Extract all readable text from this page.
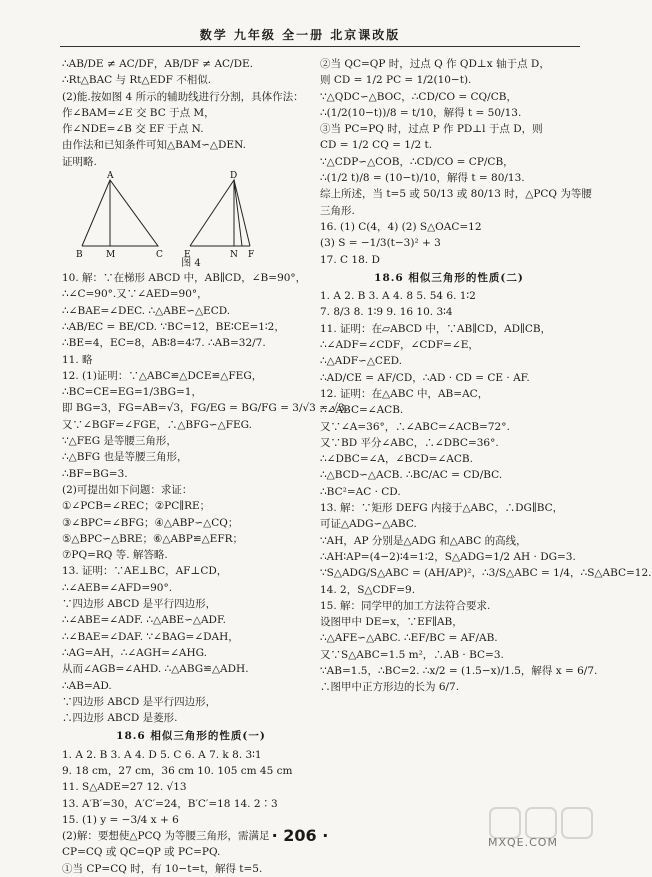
数学 九年级 全一册 北京课改版
∴AB/DE ≠ AC/DF，AB/DF ≠ AC/DE.
∴Rt△BAC 与 Rt△EDF 不相似.
(2)能.按如图 4 所示的辅助线进行分割，具体作法：
作∠BAM=∠E 交 BC 于点 M，
作∠NDE=∠B 交 EF 于点 N.
由作法和已知条件可知△BAM∽△DEN.
证明略.
A
B	M	C
D
E	N F
图 4
10. 解：∵在梯形 ABCD 中，AB∥CD，∠B=90°，
∴∠C=90°.又∵∠AED=90°，
∴∠BAE=∠DEC. ∴△ABE∽△ECD.
∴AB/EC = BE/CD. ∵BC=12，BE∶CE=1∶2，
∴BE=4，EC=8，AB∶8=4∶7. ∴AB=32/7.
11. 略
12. (1)证明：∵△ABC≌△DCE≌△FEG，
∴BC=CE=EG=1/3BG=1，
即 BG=3，FG=AB=√3，FG/EG = BG/FG = 3/√3 = √3.
又∵∠BGF=∠FGE，∴△BFG∽△FEG.
∵△FEG 是等腰三角形，
∴△BFG 也是等腰三角形，
∴BF=BG=3.
(2)可提出如下问题：求证：
①∠PCB=∠REC；②PC∥RE；
③∠BPC=∠BFG；④△ABP∽△CQ；
⑤△BPC∽△BRE；⑥△ABP≌△EFR；
⑦PQ=RQ 等. 解答略.
13. 证明：∵AE⊥BC，AF⊥CD，
∴∠AEB=∠AFD=90°.
∵四边形 ABCD 是平行四边形，
∴∠ABE=∠ADF. ∴△ABE∽△ADF.
∴∠BAE=∠DAF. ∵∠BAG=∠DAH，
∴AG=AH，∴∠AGH=∠AHG.
从而∠AGB=∠AHD. ∴△ABG≌△ADH.
∴AB=AD.
∵四边形 ABCD 是平行四边形，
∴四边形 ABCD 是菱形.
18.6 相似三角形的性质(一)
1. A 2. B 3. A 4. D 5. C 6. A 7. k 8. 3∶1
9. 18 cm，27 cm，36 cm 10. 105 cm 45 cm
11. S△ADE=27 12. √13
13. A′B′=30，A′C′=24，B′C′=18 14. 2∶3
15. (1) y = −3/4 x + 6
(2)解：要想使△PCQ 为等腰三角形，需满足
CP=CQ 或 QC=QP 或 PC=PQ.
①当 CP=CQ 时，有 10−t=t，解得 t=5.
②当 QC=QP 时，过点 Q 作 QD⊥x 轴于点 D，
则 CD = 1/2 PC = 1/2(10−t).
∵△QDC∽△BOC，∴CD/CO = CQ/CB，
∴(1/2(10−t))/8 = t/10，解得 t = 50/13.
③当 PC=PQ 时，过点 P 作 PD⊥l 于点 D，则
CD = 1/2 CQ = 1/2 t.
∵△CDP∽△COB，∴CD/CO = CP/CB，
∴(1/2 t)/8 = (10−t)/10，解得 t = 80/13.
综上所述，当 t=5 或 50/13 或 80/13 时，△PCQ 为等腰
三角形.
16. (1) C(4，4) (2) S△OAC=12
(3) S = −1/3(t−3)² + 3
17. C 18. D
18.6 相似三角形的性质(二)
1. A 2. B 3. A 4. 8 5. 54 6. 1∶2
7. 8/3 8. 1∶9 9. 16 10. 3∶4
11. 证明：在▱ABCD 中，∵AB∥CD，AD∥CB，
∴∠ADF=∠CDF，∠CDF=∠E，
∴△ADF∽△CED.
∴AD/CE = AF/CD，∴AD · CD = CE · AF.
12. 证明：在△ABC 中，AB=AC，
∴∠ABC=∠ACB.
又∵∠A=36°，∴∠ABC=∠ACB=72°.
又∵BD 平分∠ABC，∴∠DBC=36°.
∴∠DBC=∠A，∠BCD=∠ACB.
∴△BCD∽△ACB. ∴BC/AC = CD/BC.
∴BC²=AC · CD.
13. 解：∵矩形 DEFG 内接于△ABC，∴DG∥BC，
可证△ADG∽△ABC.
∵AH，AP 分别是△ADG 和△ABC 的高线，
∴AH∶AP=(4−2)∶4=1∶2，S△ADG=1/2 AH · DG=3.
∵S△ADG/S△ABC = (AH/AP)²，∴3/S△ABC = 1/4，∴S△ABC=12.
14. 2，S△CDF=9.
15. 解：同学甲的加工方法符合要求.
设图甲中 DE=x，∵EF∥AB，
∴△AFE∽△ABC. ∴EF/BC = AF/AB.
又∵S△ABC=1.5 m²，∴AB · BC=3.
∵AB=1.5，∴BC=2. ∴x/2 = (1.5−x)/1.5，解得 x = 6/7.
∴图甲中正方形边的长为 6/7.
· 206 ·	MXQE.COM
